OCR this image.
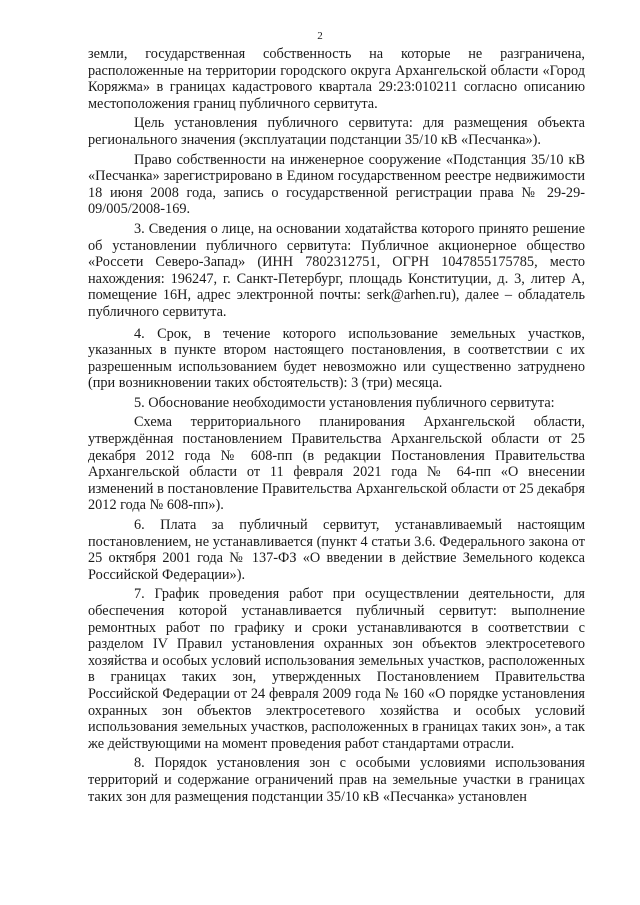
2

земли, государственная собственность на которые не разграничена, расположенные на территории городского округа Архангельской области «Город Коряжма» в границах кадастрового квартала 29:23:010211 согласно описанию местоположения границ публичного сервитута.

Цель установления публичного сервитута: для размещения объекта регионального значения (эксплуатации подстанции 35/10 кВ «Песчанка»).

Право собственности на инженерное сооружение «Подстанция 35/10 кВ «Песчанка» зарегистрировано в Едином государственном реестре недвижимости 18 июня 2008 года, запись о государственной регистрации права № 29-29-09/005/2008-169.

3. Сведения о лице, на основании ходатайства которого принято решение об установлении публичного сервитута: Публичное акционерное общество «Россети Северо-Запад» (ИНН 7802312751, ОГРН 1047855175785, место нахождения: 196247, г. Санкт-Петербург, площадь Конституции, д. 3, литер А, помещение 16Н, адрес электронной почты: serk@arhen.ru), далее – обладатель публичного сервитута.

4. Срок, в течение которого использование земельных участков, указанных в пункте втором настоящего постановления, в соответствии с их разрешенным использованием будет невозможно или существенно затруднено (при возникновении таких обстоятельств): 3 (три) месяца.

5. Обоснование необходимости установления публичного сервитута:

Схема территориального планирования Архангельской области, утверждённая постановлением Правительства Архангельской области от 25 декабря 2012 года № 608-пп (в редакции Постановления Правительства Архангельской области от 11 февраля 2021 года № 64-пп «О внесении изменений в постановление Правительства Архангельской области от 25 декабря 2012 года № 608-пп»).

6. Плата за публичный сервитут, устанавливаемый настоящим постановлением, не устанавливается (пункт 4 статьи 3.6. Федерального закона от 25 октября 2001 года № 137-ФЗ «О введении в действие Земельного кодекса Российской Федерации»).

7. График проведения работ при осуществлении деятельности, для обеспечения которой устанавливается публичный сервитут: выполнение ремонтных работ по графику и сроки устанавливаются в соответствии с разделом IV Правил установления охранных зон объектов электросетевого хозяйства и особых условий использования земельных участков, расположенных в границах таких зон, утвержденных Постановлением Правительства Российской Федерации от 24 февраля 2009 года № 160 «О порядке установления охранных зон объектов электросетевого хозяйства и особых условий использования земельных участков, расположенных в границах таких зон», а так же действующими на момент проведения работ стандартами отрасли.

8. Порядок установления зон с особыми условиями использования территорий и содержание ограничений прав на земельные участки в границах таких зон для размещения подстанции 35/10 кВ «Песчанка» установлен
